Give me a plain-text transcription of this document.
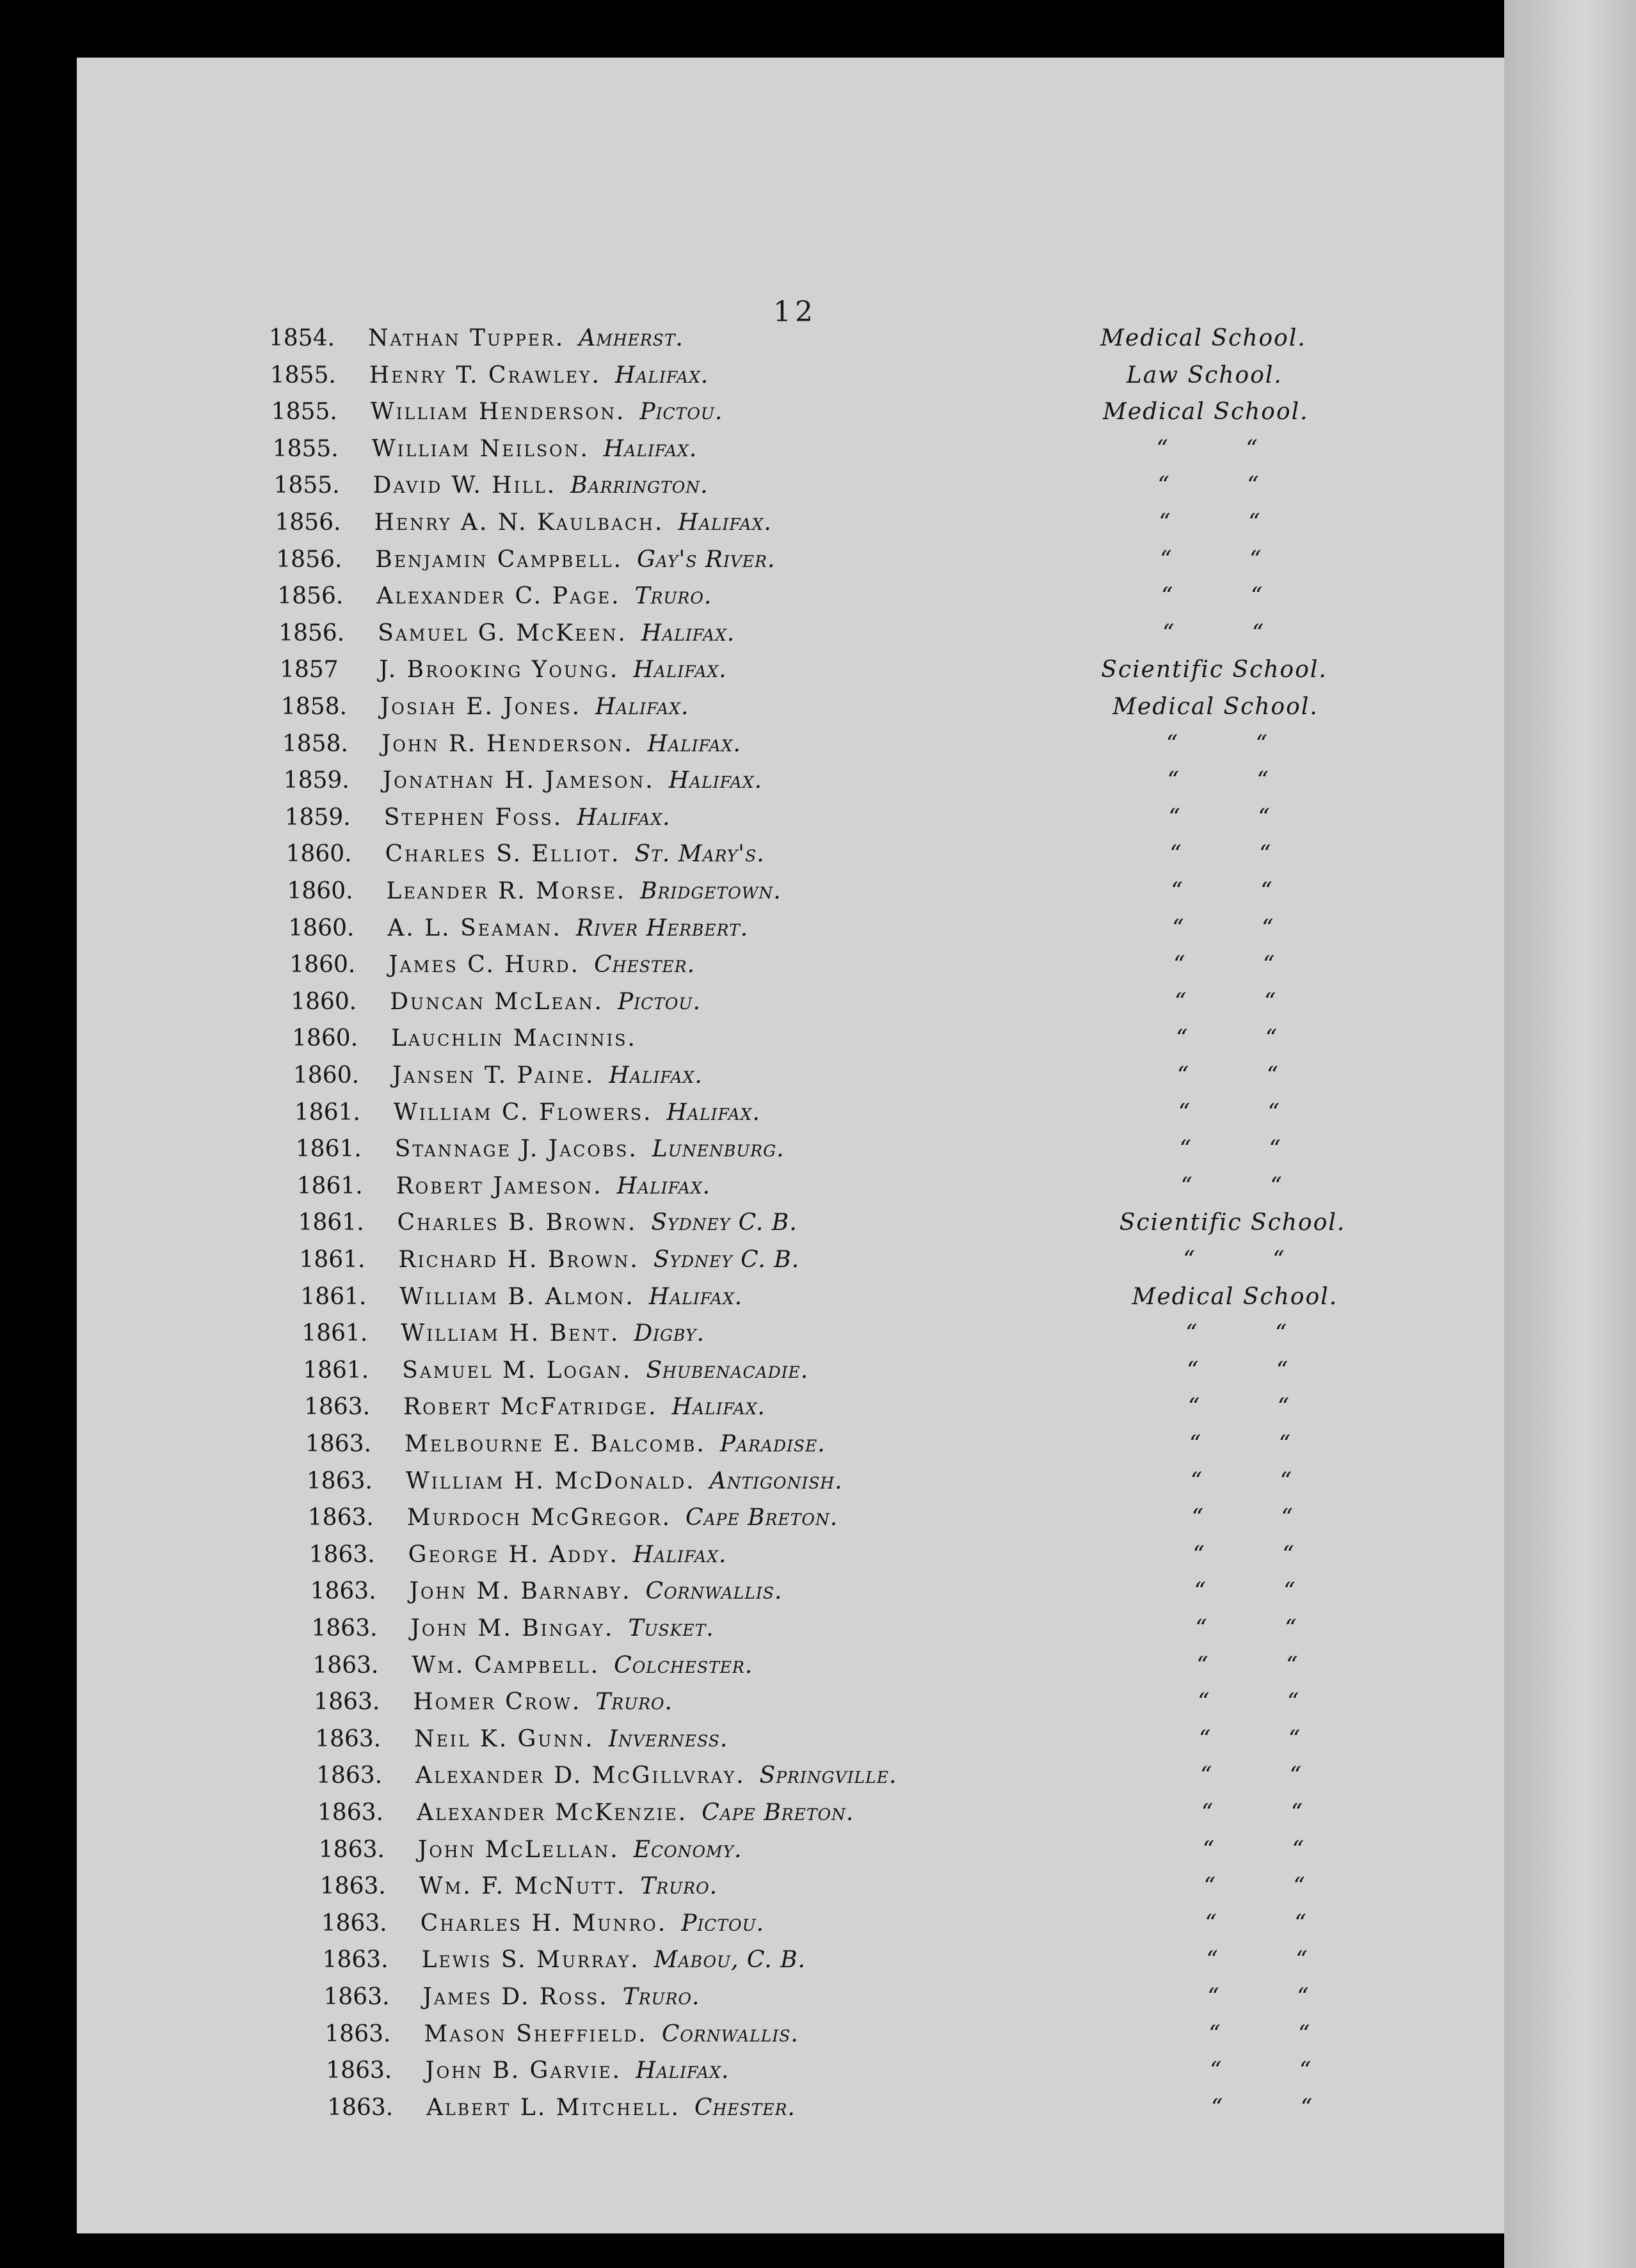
12
1854. Nathan Tupper. Amherst.	Medical School.
1855. Henry T. Crawley. Halifax.	Law School.
1855. William Henderson. Pictou.	Medical School.
1855. William Neilson. Halifax.	“ “
1855. David W. Hill. Barrington.	“ “
1856. Henry A. N. Kaulbach. Halifax.	“ “
1856. Benjamin Campbell. Gay's River.	“ “
1856. Alexander C. Page. Truro.	“ “
1856. Samuel G. McKeen. Halifax.	“ “
1857 J. Brooking Young. Halifax.	Scientific School.
1858. Josiah E. Jones. Halifax.	Medical School.
1858. John R. Henderson. Halifax.	“ “
1859. Jonathan H. Jameson. Halifax.	“ “
1859. Stephen Foss. Halifax.	“ “
1860. Charles S. Elliot. St. Mary's.	“ “
1860. Leander R. Morse. Bridgetown.	“ “
1860. A. L. Seaman. River Herbert.	“ “
1860. James C. Hurd. Chester.	“ “
1860. Duncan McLean. Pictou.	“ “
1860. Lauchlin Macinnis.	“ “
1860. Jansen T. Paine. Halifax.	“ “
1861. William C. Flowers. Halifax.	“ “
1861. Stannage J. Jacobs. Lunenburg.	“ “
1861. Robert Jameson. Halifax.	“ “
1861. Charles B. Brown. Sydney C. B.	Scientific School.
1861. Richard H. Brown. Sydney C. B.	“ “
1861. William B. Almon. Halifax.	Medical School.
1861. William H. Bent. Digby.	“ “
1861. Samuel M. Logan. Shubenacadie.	“ “
1863. Robert McFatridge. Halifax.	“ “
1863. Melbourne E. Balcomb. Paradise.	“ “
1863. William H. McDonald. Antigonish.	“ “
1863. Murdoch McGregor. Cape Breton.	“ “
1863. George H. Addy. Halifax.	“ “
1863. John M. Barnaby. Cornwallis.	“ “
1863. John M. Bingay. Tusket.	“ “
1863. Wm. Campbell. Colchester.	“ “
1863. Homer Crow. Truro.	“ “
1863. Neil K. Gunn. Inverness.	“ “
1863. Alexander D. McGillvray. Springville.	“ “
1863. Alexander McKenzie. Cape Breton.	“ “
1863. John McLellan. Economy.	“ “
1863. Wm. F. McNutt. Truro.	“ “
1863. Charles H. Munro. Pictou.	“ “
1863. Lewis S. Murray. Mabou, C. B.	“ “
1863. James D. Ross. Truro.	“ “
1863. Mason Sheffield. Cornwallis.	“ “
1863. John B. Garvie. Halifax.	“ “
1863. Albert L. Mitchell. Chester.	“ “
